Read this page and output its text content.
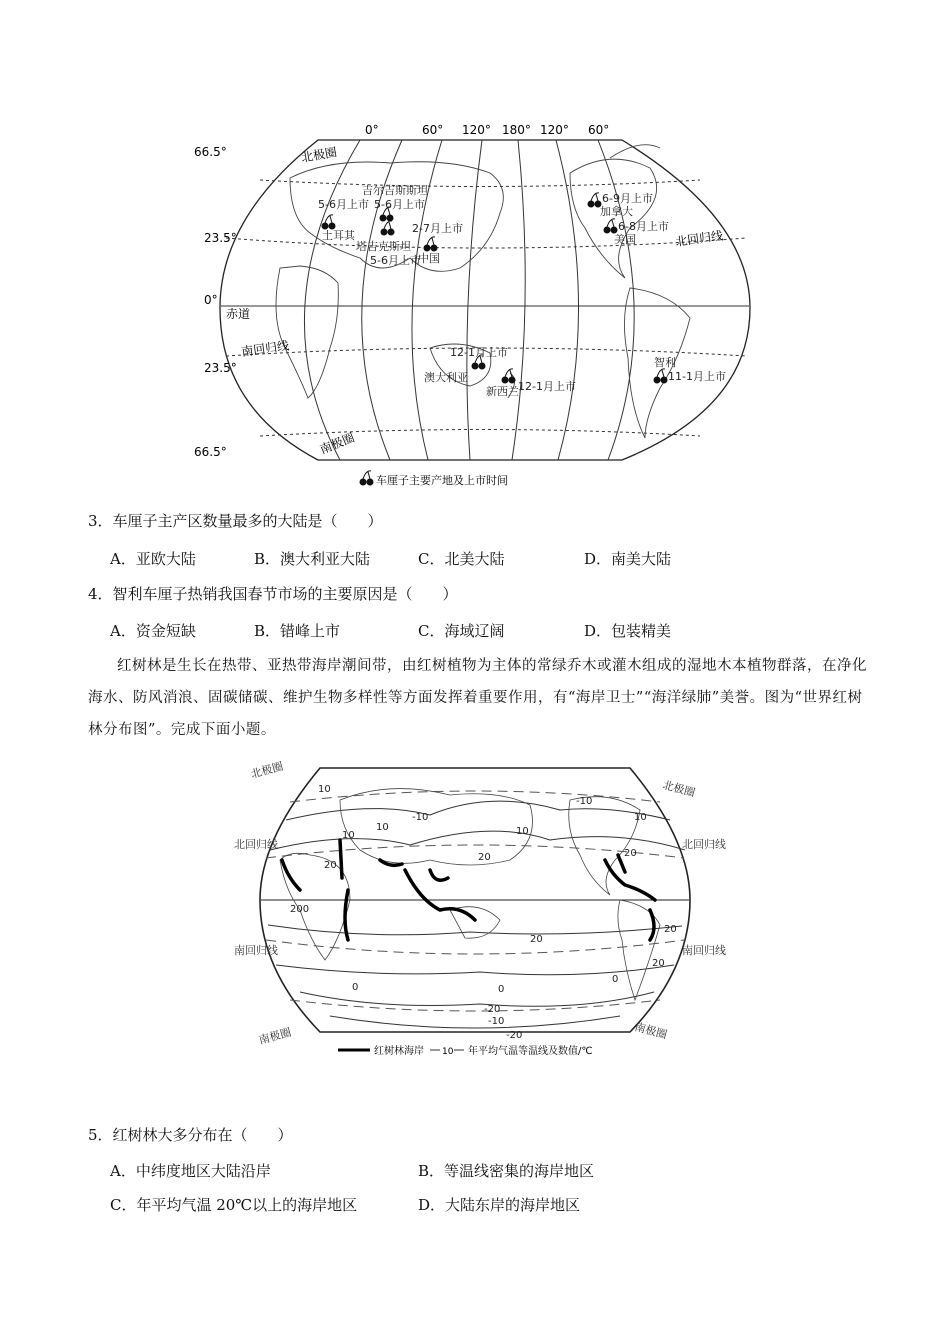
0°	60° 120° 180° 120° 60°
66.5°
23.5°
0°
23.5°
66.5°
北极圈
北回归线
赤道
南回归线
南极圈
吉尔吉斯斯坦
5-6月上市
5-6月上市
土耳其
塔吉克斯坦
5-6月上市
2-7月上市
中国
6-9月上市
加拿大
6-8月上市
美国
12-1月上市
澳大利亚
新西兰 12-1月上市
智利
11-1月上市
车厘子主要产地及上市时间
3．车厘子主产区数量最多的大陆是（　　）
A．亚欧大陆	B．澳大利亚大陆	C．北美大陆	D．南美大陆
4．智利车厘子热销我国春节市场的主要原因是（　　）
A．资金短缺	B．错峰上市	C．海域辽阔	D．包装精美

红树林是生长在热带、亚热带海岸潮间带，由红树植物为主体的常绿乔木或灌木组成的湿地木本植物群落，在净化海水、防风消浪、固碳储碳、维护生物多样性等方面发挥着重要作用，有“海岸卫士”“海洋绿肺”美誉。图为“世界红树林分布图”。完成下面小题。

北极圈
北极圈
北回归线	北回归线
南回归线	南回归线
南极圈	南极圈
10
10	10
20
20	20
20
20
20
10
10
-10
-10
-20
0
0
0
-10
-20
200
红树林海岸 10 年平均气温等温线及数值/℃
5．红树林大多分布在（　　）
A．中纬度地区大陆沿岸	B．等温线密集的海岸地区
C．年平均气温 20℃以上的海岸地区	D．大陆东岸的海岸地区
